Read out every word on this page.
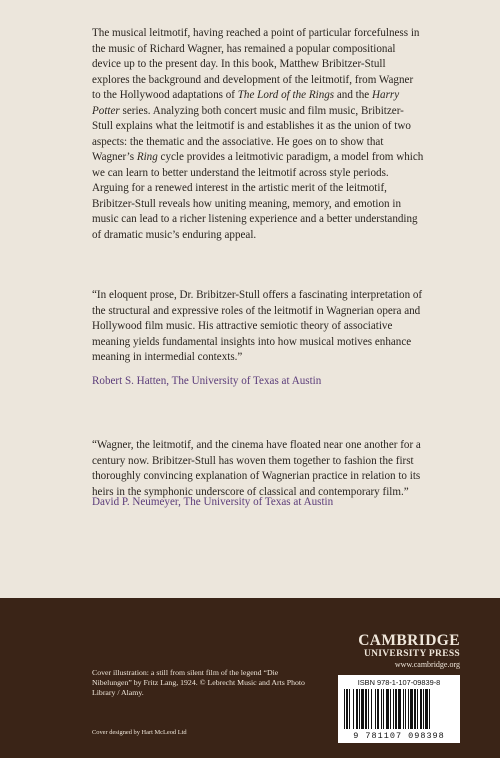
The musical leitmotif, having reached a point of particular forcefulness in the music of Richard Wagner, has remained a popular compositional device up to the present day. In this book, Matthew Bribitzer-Stull explores the background and development of the leitmotif, from Wagner to the Hollywood adaptations of The Lord of the Rings and the Harry Potter series. Analyzing both concert music and film music, Bribitzer-Stull explains what the leitmotif is and establishes it as the union of two aspects: the thematic and the associative. He goes on to show that Wagner’s Ring cycle provides a leitmotivic paradigm, a model from which we can learn to better understand the leitmotif across style periods. Arguing for a renewed interest in the artistic merit of the leitmotif, Bribitzer-Stull reveals how uniting meaning, memory, and emotion in music can lead to a richer listening experience and a better understanding of dramatic music’s enduring appeal.

“In eloquent prose, Dr. Bribitzer-Stull offers a fascinating interpretation of the structural and expressive roles of the leitmotif in Wagnerian opera and Hollywood film music. His attractive semiotic theory of associative meaning yields fundamental insights into how musical motives enhance meaning in intermedial contexts.”

Robert S. Hatten, The University of Texas at Austin

“Wagner, the leitmotif, and the cinema have floated near one another for a century now. Bribitzer-Stull has woven them together to fashion the first thoroughly convincing explanation of Wagnerian practice in relation to its heirs in the symphonic underscore of classical and contemporary film.”

David P. Neumeyer, The University of Texas at Austin

CAMBRIDGE
UNIVERSITY PRESS
www.cambridge.org

Cover illustration: a still from silent film of the legend “Die Nibelungen” by Fritz Lang, 1924. © Lebrecht Music and Arts Photo Library / Alamy.

Cover designed by Hart McLeod Ltd

ISBN 978-1-107-09839-8

9 781107 098398
